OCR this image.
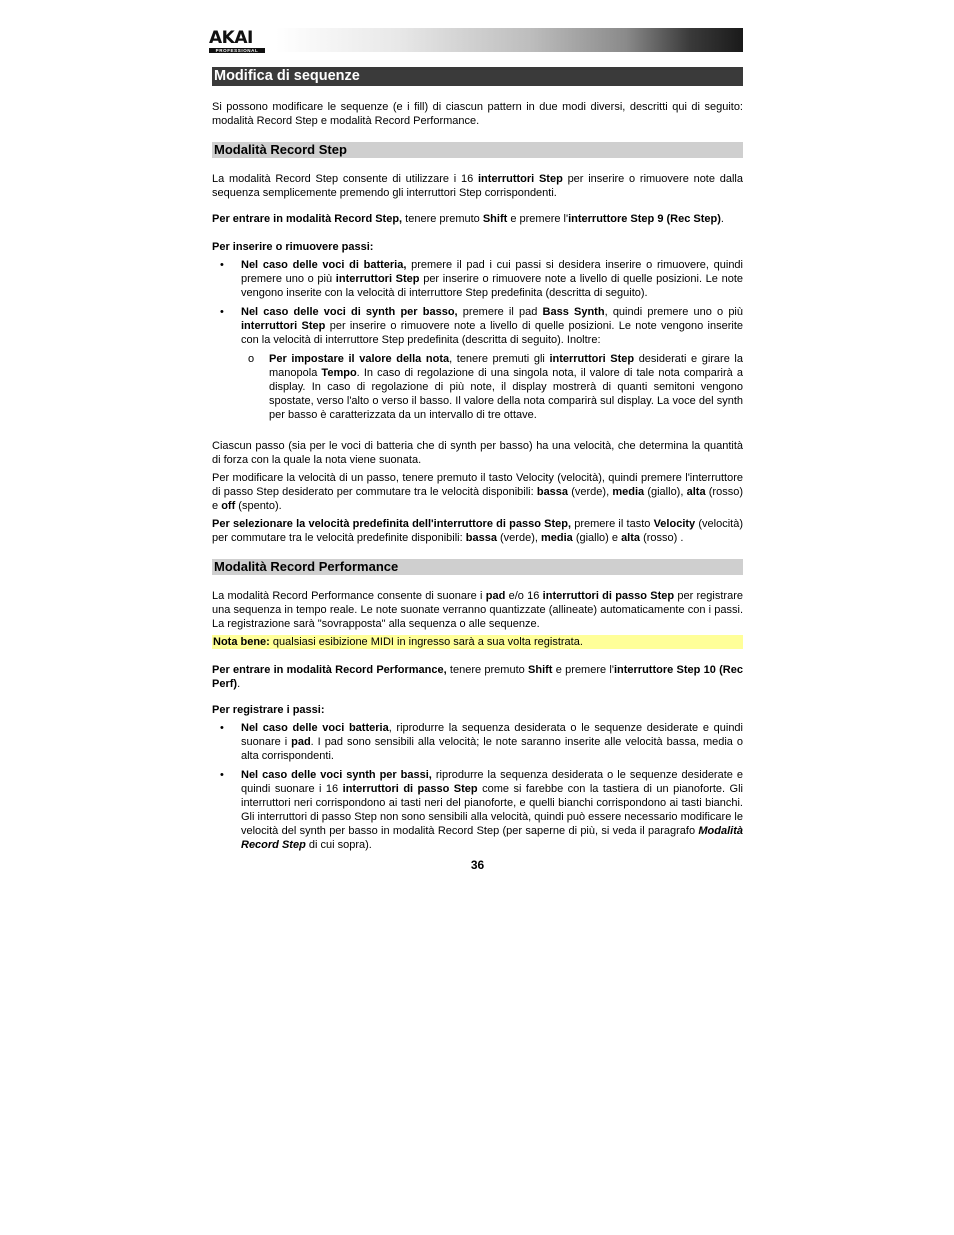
AKAI
PROFESSIONAL
Modifica di sequenze

Si possono modificare le sequenze (e i fill) di ciascun pattern in due modi diversi, descritti qui di seguito: modalità Record Step e modalità Record Performance.

Modalità Record Step

La modalità Record Step consente di utilizzare i 16 interruttori Step per inserire o rimuovere note dalla sequenza semplicemente premendo gli interruttori Step corrispondenti.

Per entrare in modalità Record Step, tenere premuto Shift e premere l'interruttore Step 9 (Rec Step).

Per inserire o rimuovere passi:

• Nel caso delle voci di batteria, premere il pad i cui passi si desidera inserire o rimuovere, quindi premere uno o più interruttori Step per inserire o rimuovere note a livello di quelle posizioni. Le note vengono inserite con la velocità di interruttore Step predefinita (descritta di seguito).
• Nel caso delle voci di synth per basso, premere il pad Bass Synth, quindi premere uno o più interruttori Step per inserire o rimuovere note a livello di quelle posizioni. Le note vengono inserite con la velocità di interruttore Step predefinita (descritta di seguito). Inoltre:
o Per impostare il valore della nota, tenere premuti gli interruttori Step desiderati e girare la manopola Tempo. In caso di regolazione di una singola nota, il valore di tale nota comparirà a display. In caso di regolazione di più note, il display mostrerà di quanti semitoni vengono spostate, verso l'alto o verso il basso. Il valore della nota comparirà sul display. La voce del synth per basso è caratterizzata da un intervallo di tre ottave.

Ciascun passo (sia per le voci di batteria che di synth per basso) ha una velocità, che determina la quantità di forza con la quale la nota viene suonata.

Per modificare la velocità di un passo, tenere premuto il tasto Velocity (velocità), quindi premere l'interruttore di passo Step desiderato per commutare tra le velocità disponibili: bassa (verde), media (giallo), alta (rosso) e off (spento).

Per selezionare la velocità predefinita dell'interruttore di passo Step, premere il tasto Velocity (velocità) per commutare tra le velocità predefinite disponibili: bassa (verde), media (giallo) e alta (rosso) .

Modalità Record Performance

La modalità Record Performance consente di suonare i pad e/o 16 interruttori di passo Step per registrare una sequenza in tempo reale. Le note suonate verranno quantizzate (allineate) automaticamente con i passi. La registrazione sarà "sovrapposta" alla sequenza o alle sequenze.

Nota bene: qualsiasi esibizione MIDI in ingresso sarà a sua volta registrata.

Per entrare in modalità Record Performance, tenere premuto Shift e premere l'interruttore Step 10 (Rec Perf).

Per registrare i passi:

• Nel caso delle voci batteria, riprodurre la sequenza desiderata o le sequenze desiderate e quindi suonare i pad. I pad sono sensibili alla velocità; le note saranno inserite alle velocità bassa, media o alta corrispondenti.
• Nel caso delle voci synth per bassi, riprodurre la sequenza desiderata o le sequenze desiderate e quindi suonare i 16 interruttori di passo Step come si farebbe con la tastiera di un pianoforte. Gli interruttori neri corrispondono ai tasti neri del pianoforte, e quelli bianchi corrispondono ai tasti bianchi. Gli interruttori di passo Step non sono sensibili alla velocità, quindi può essere necessario modificare le velocità del synth per basso in modalità Record Step (per saperne di più, si veda il paragrafo Modalità Record Step di cui sopra).
36
